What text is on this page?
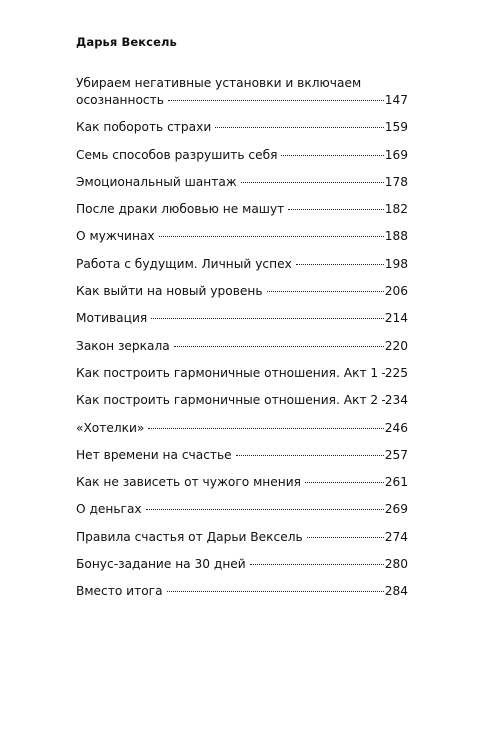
Дарья Вексель
Убираем негативные установки и включаем
осознанность	147
Как побороть страхи	159
Семь способов разрушить себя	169
Эмоциональный шантаж	178
После драки любовью не машут	182
О мужчинах	188
Работа с будущим. Личный успех	198
Как выйти на новый уровень	206
Мотивация	214
Закон зеркала	220
Как построить гармоничные отношения. Акт 1 225
Как построить гармоничные отношения. Акт 2 234
«Хотелки»	246
Нет времени на счастье	257
Как не зависеть от чужого мнения	261
О деньгах	269
Правила счастья от Дарьи Вексель	274
Бонус-задание на 30 дней	280
Вместо итога	284
